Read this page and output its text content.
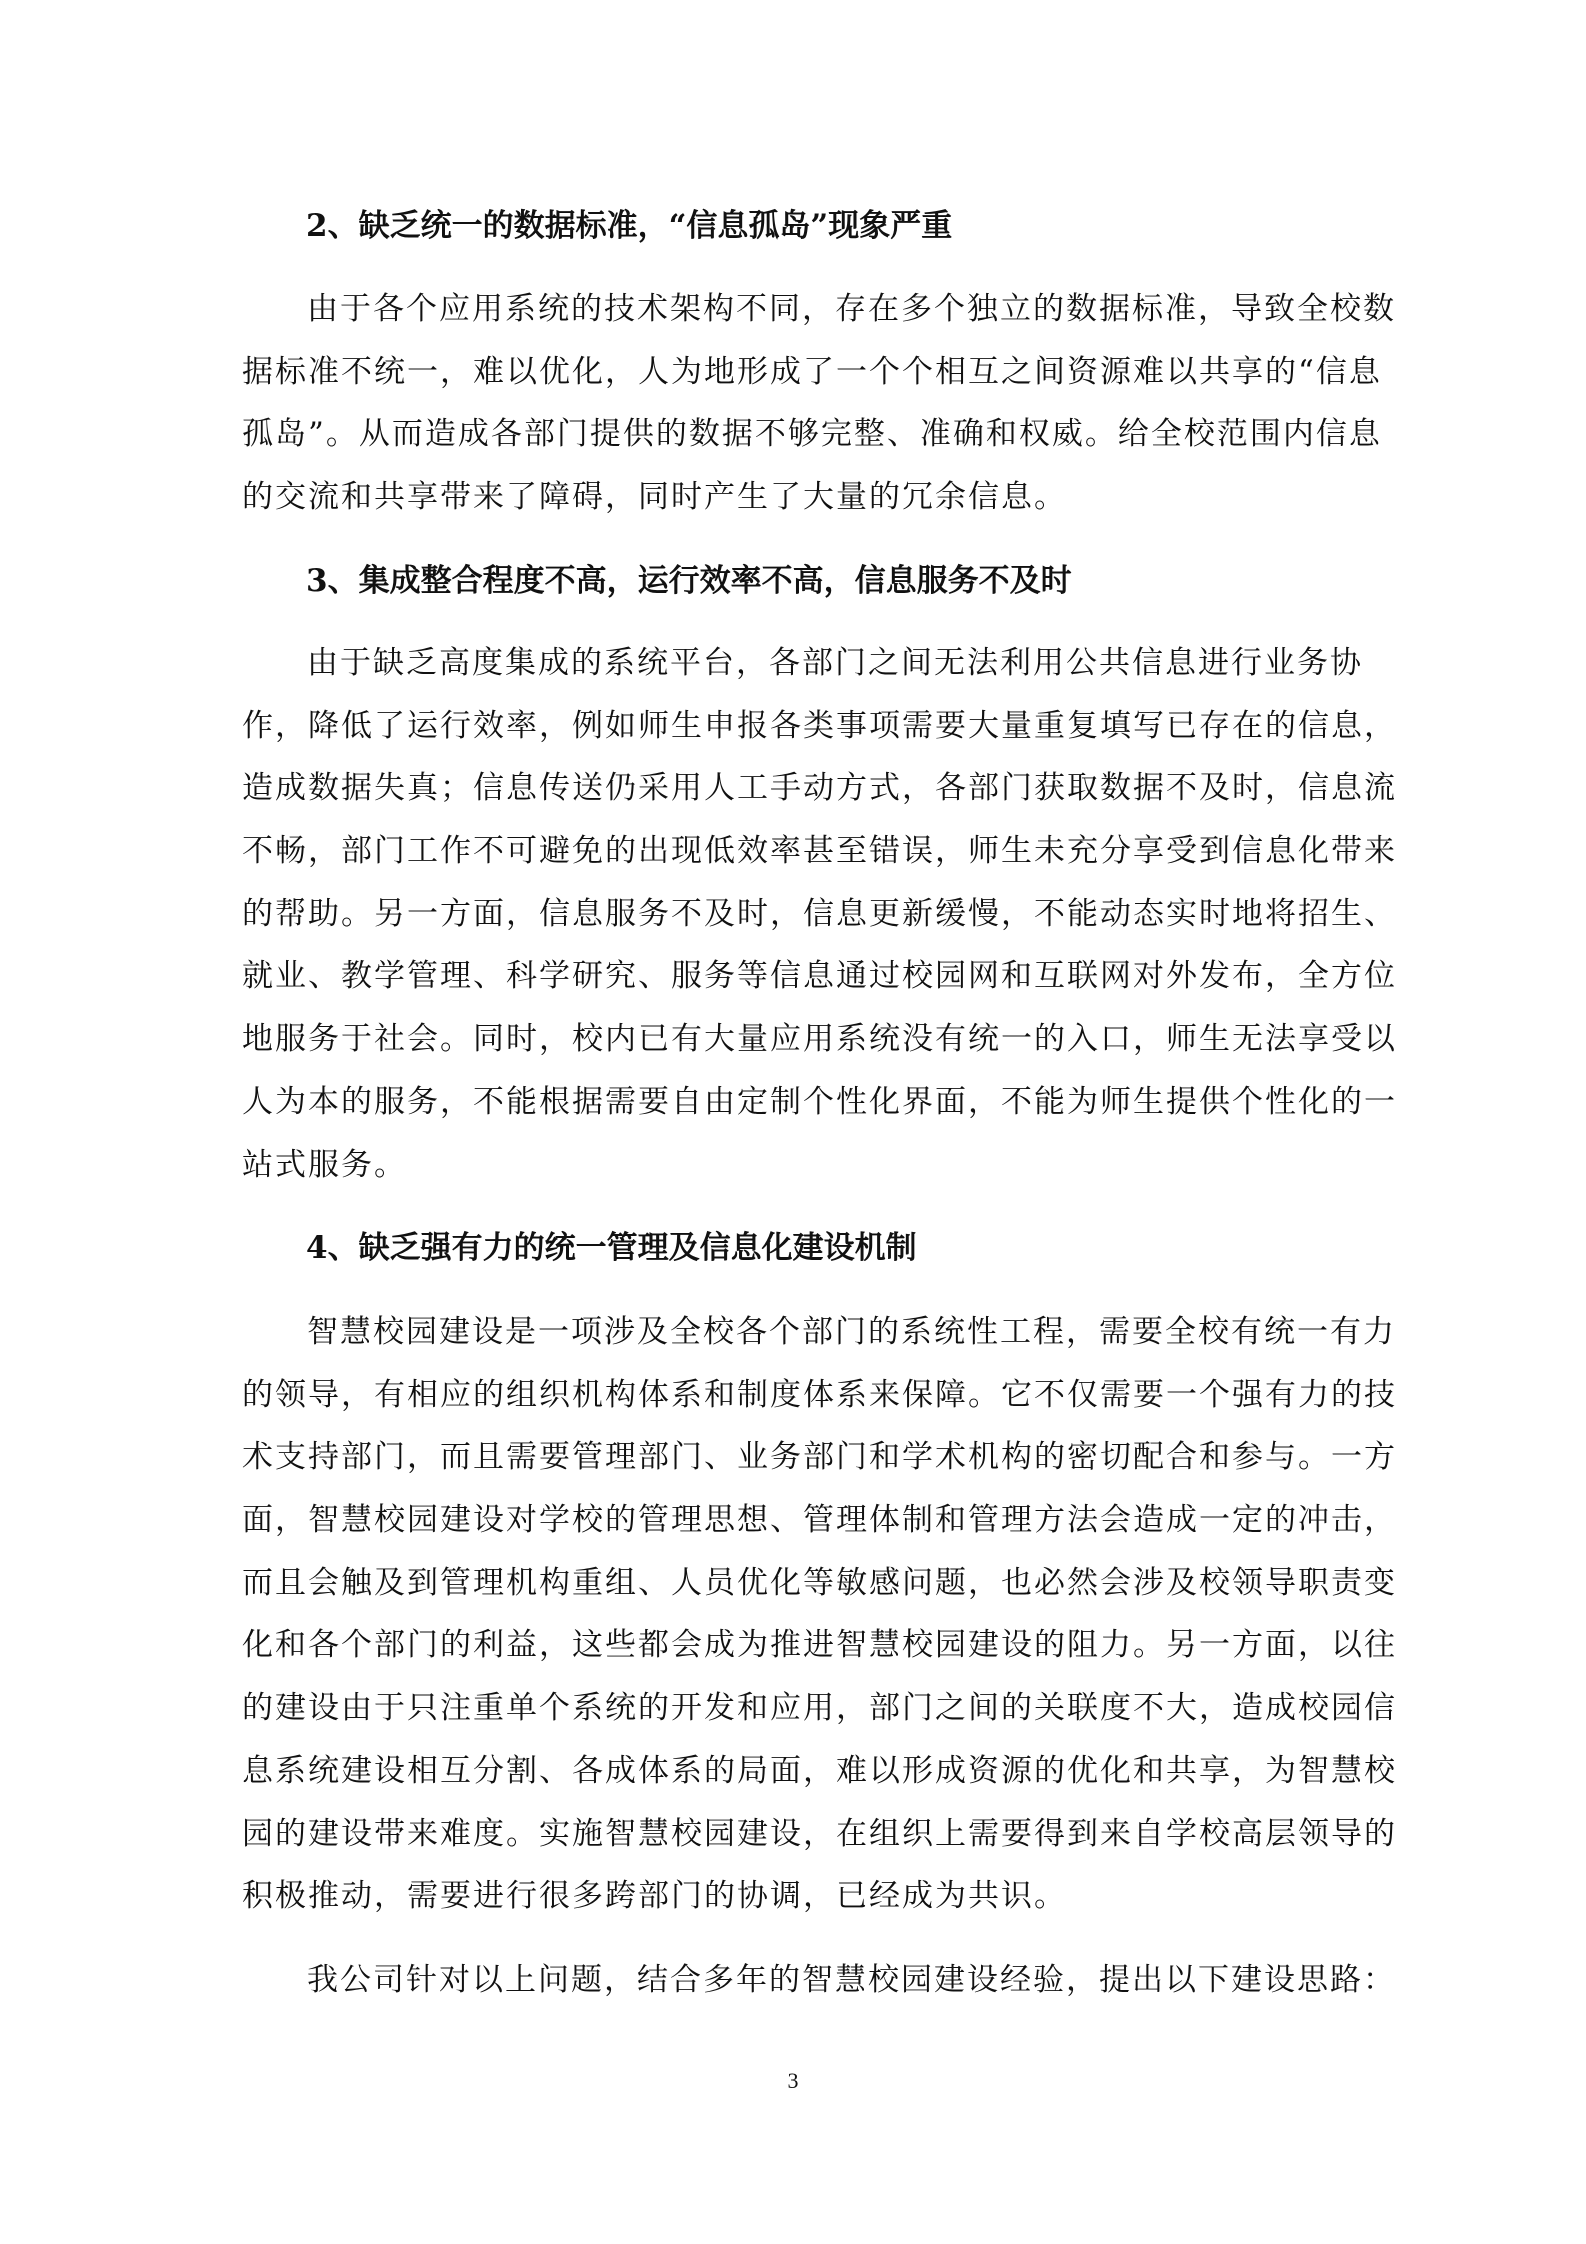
2、缺乏统一的数据标准，“信息孤岛”现象严重
由于各个应用系统的技术架构不同，存在多个独立的数据标准，导致全校数
据标准不统一，难以优化，人为地形成了一个个相互之间资源难以共享的“信息
孤岛”。从而造成各部门提供的数据不够完整、准确和权威。给全校范围内信息
的交流和共享带来了障碍，同时产生了大量的冗余信息。
3、集成整合程度不高，运行效率不高，信息服务不及时
由于缺乏高度集成的系统平台，各部门之间无法利用公共信息进行业务协
作，降低了运行效率，例如师生申报各类事项需要大量重复填写已存在的信息，
造成数据失真；信息传送仍采用人工手动方式，各部门获取数据不及时，信息流
不畅，部门工作不可避免的出现低效率甚至错误，师生未充分享受到信息化带来
的帮助。另一方面，信息服务不及时，信息更新缓慢，不能动态实时地将招生、
就业、教学管理、科学研究、服务等信息通过校园网和互联网对外发布，全方位
地服务于社会。同时，校内已有大量应用系统没有统一的入口，师生无法享受以
人为本的服务，不能根据需要自由定制个性化界面，不能为师生提供个性化的一
站式服务。
4、缺乏强有力的统一管理及信息化建设机制
智慧校园建设是一项涉及全校各个部门的系统性工程，需要全校有统一有力
的领导，有相应的组织机构体系和制度体系来保障。它不仅需要一个强有力的技
术支持部门，而且需要管理部门、业务部门和学术机构的密切配合和参与。一方
面，智慧校园建设对学校的管理思想、管理体制和管理方法会造成一定的冲击，
而且会触及到管理机构重组、人员优化等敏感问题，也必然会涉及校领导职责变
化和各个部门的利益，这些都会成为推进智慧校园建设的阻力。另一方面，以往
的建设由于只注重单个系统的开发和应用，部门之间的关联度不大，造成校园信
息系统建设相互分割、各成体系的局面，难以形成资源的优化和共享，为智慧校
园的建设带来难度。实施智慧校园建设，在组织上需要得到来自学校高层领导的
积极推动，需要进行很多跨部门的协调，已经成为共识。
我公司针对以上问题，结合多年的智慧校园建设经验，提出以下建设思路：
3
